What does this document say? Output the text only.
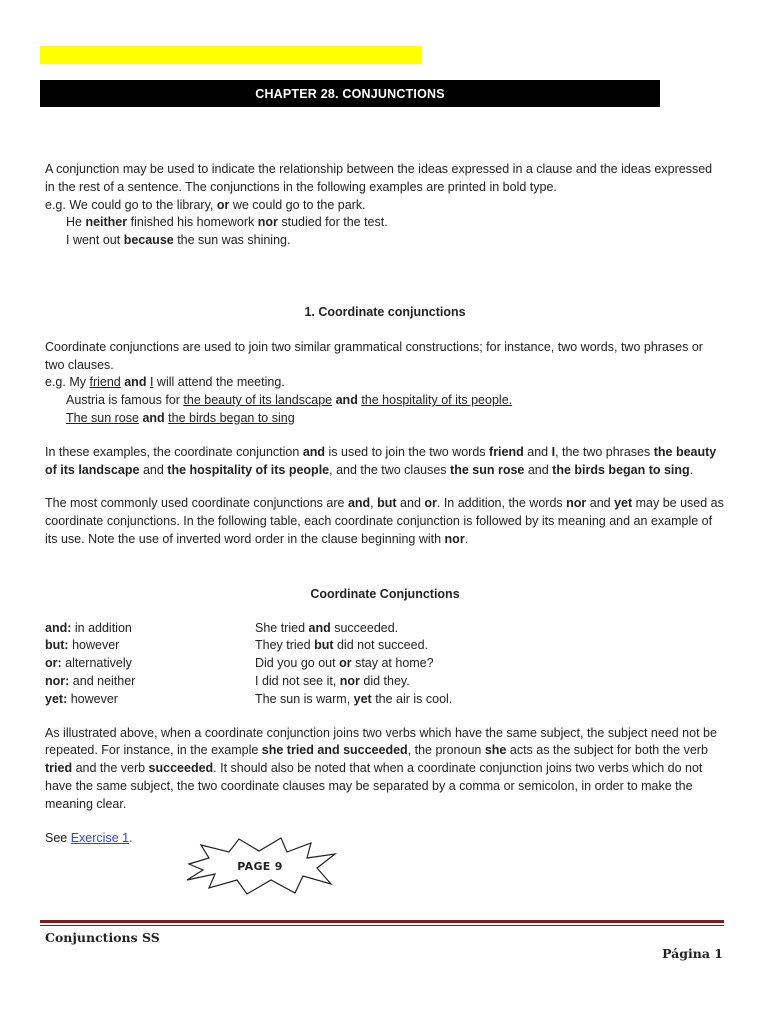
CHAPTER 28. CONJUNCTIONS

A conjunction may be used to indicate the relationship between the ideas expressed in a clause and the ideas expressed in the rest of a sentence. The conjunctions in the following examples are printed in bold type.

e.g. We could go to the library, or we could go to the park.

He neither finished his homework nor studied for the test.

I went out because the sun was shining.

1. Coordinate conjunctions

Coordinate conjunctions are used to join two similar grammatical constructions; for instance, two words, two phrases or two clauses.

e.g. My friend and I will attend the meeting.

Austria is famous for the beauty of its landscape and the hospitality of its people.

The sun rose and the birds began to sing

In these examples, the coordinate conjunction and is used to join the two words friend and I, the two phrases the beauty of its landscape and the hospitality of its people, and the two clauses the sun rose and the birds began to sing.

The most commonly used coordinate conjunctions are and, but and or. In addition, the words nor and yet may be used as coordinate conjunctions. In the following table, each coordinate conjunction is followed by its meaning and an example of its use. Note the use of inverted word order in the clause beginning with nor.

Coordinate Conjunctions

and: in addition	She tried and succeeded.
but: however	They tried but did not succeed.
or: alternatively	Did you go out or stay at home?
nor: and neither	I did not see it, nor did they.
yet: however	The sun is warm, yet the air is cool.

As illustrated above, when a coordinate conjunction joins two verbs which have the same subject, the subject need not be repeated. For instance, in the example she tried and succeeded, the pronoun she acts as the subject for both the verb tried and the verb succeeded. It should also be noted that when a coordinate conjunction joins two verbs which do not have the same subject, the two coordinate clauses may be separated by a comma or semicolon, in order to make the meaning clear.

See Exercise 1.

PAGE 9
Conjunctions SS
Página 1
